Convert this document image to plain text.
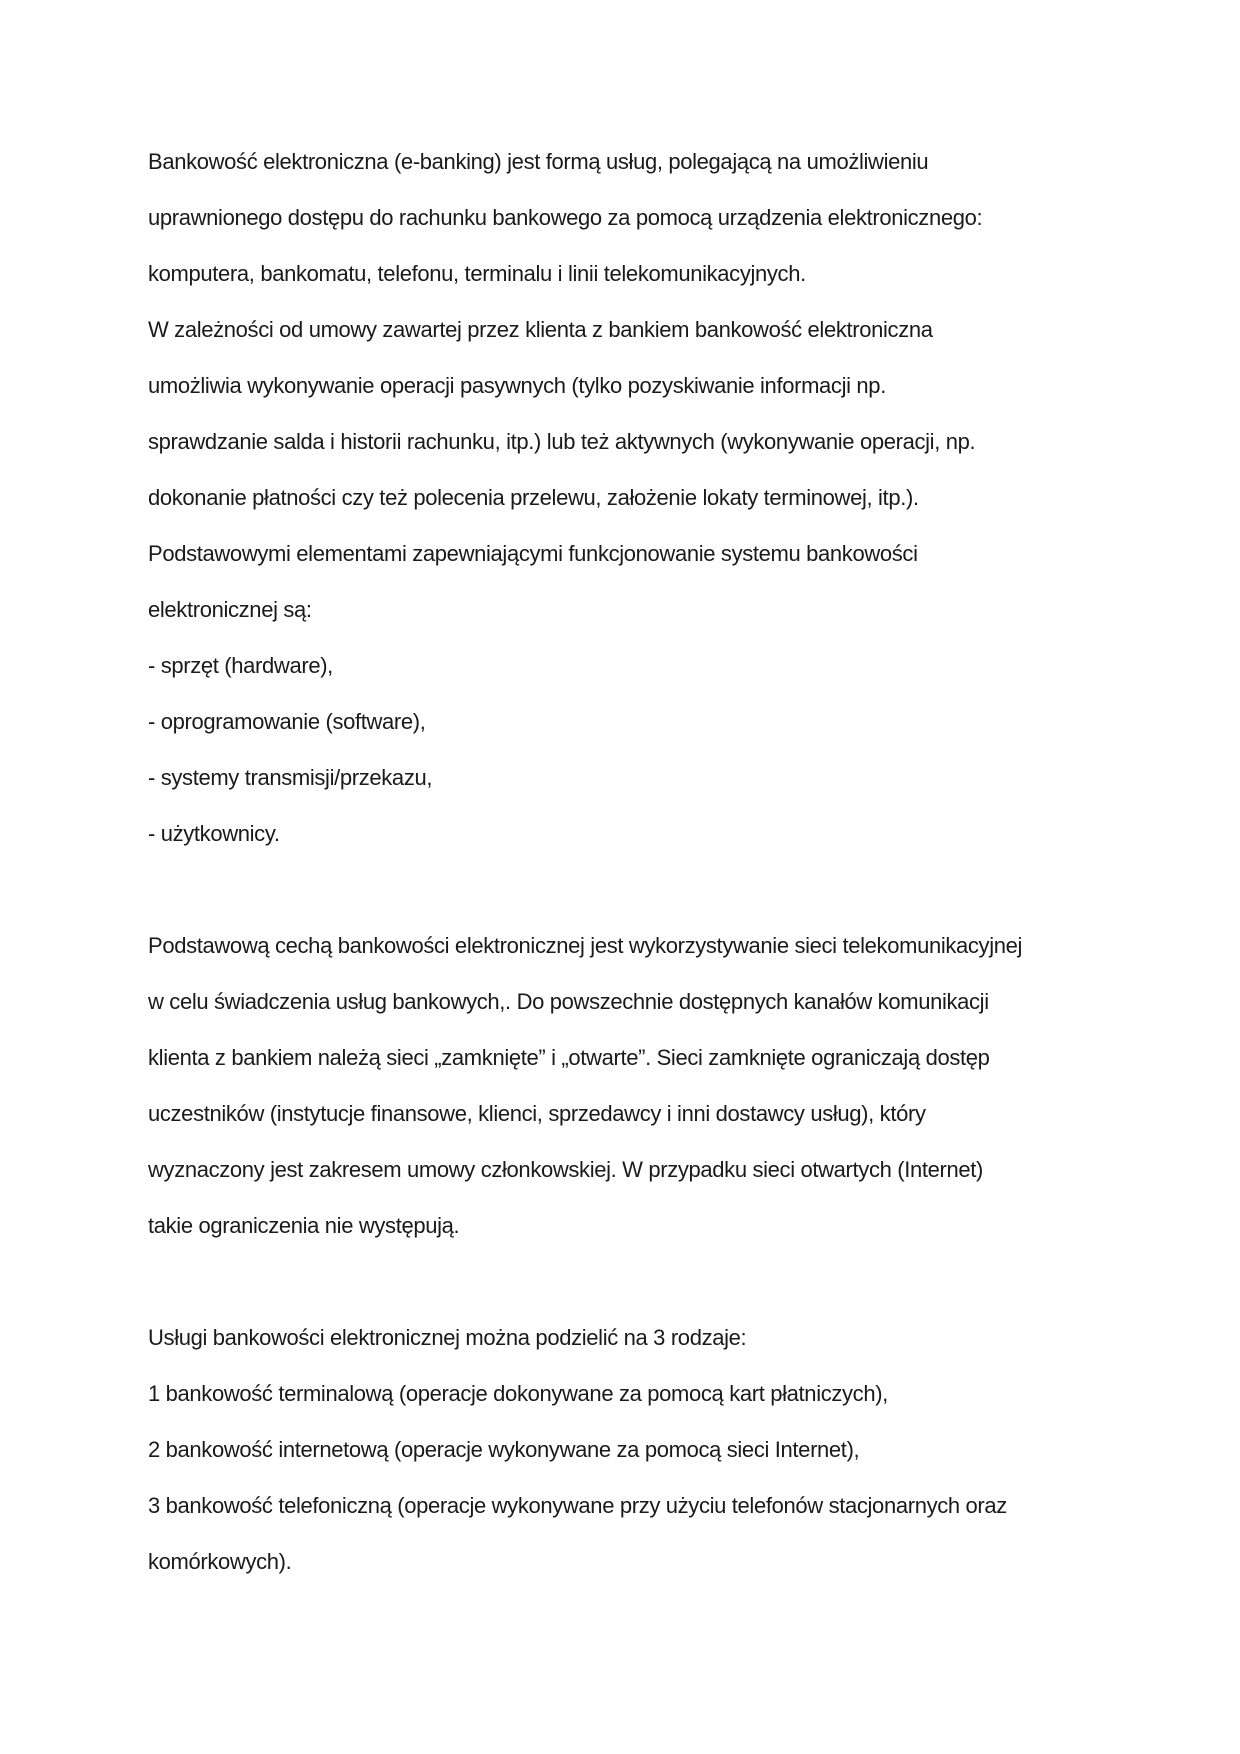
Bankowość elektroniczna (e-banking) jest formą usług, polegającą na umożliwieniu
uprawnionego dostępu do rachunku bankowego za pomocą urządzenia elektronicznego:
komputera, bankomatu, telefonu, terminalu i linii telekomunikacyjnych.
W zależności od umowy zawartej przez klienta z bankiem bankowość elektroniczna
umożliwia wykonywanie operacji pasywnych (tylko pozyskiwanie informacji np.
sprawdzanie salda i historii rachunku, itp.) lub też aktywnych (wykonywanie operacji, np.
dokonanie płatności czy też polecenia przelewu, założenie lokaty terminowej, itp.).
Podstawowymi elementami zapewniającymi funkcjonowanie systemu bankowości
elektronicznej są:
- sprzęt (hardware),
- oprogramowanie (software),
- systemy transmisji/przekazu,
- użytkownicy.
Podstawową cechą bankowości elektronicznej jest wykorzystywanie sieci telekomunikacyjnej
w celu świadczenia usług bankowych,. Do powszechnie dostępnych kanałów komunikacji
klienta z bankiem należą sieci „zamknięte” i „otwarte”. Sieci zamknięte ograniczają dostęp
uczestników (instytucje finansowe, klienci, sprzedawcy i inni dostawcy usług), który
wyznaczony jest zakresem umowy członkowskiej. W przypadku sieci otwartych (Internet)
takie ograniczenia nie występują.
Usługi bankowości elektronicznej można podzielić na 3 rodzaje:
1 bankowość terminalową (operacje dokonywane za pomocą kart płatniczych),
2 bankowość internetową (operacje wykonywane za pomocą sieci Internet),
3 bankowość telefoniczną (operacje wykonywane przy użyciu telefonów stacjonarnych oraz
komórkowych).
